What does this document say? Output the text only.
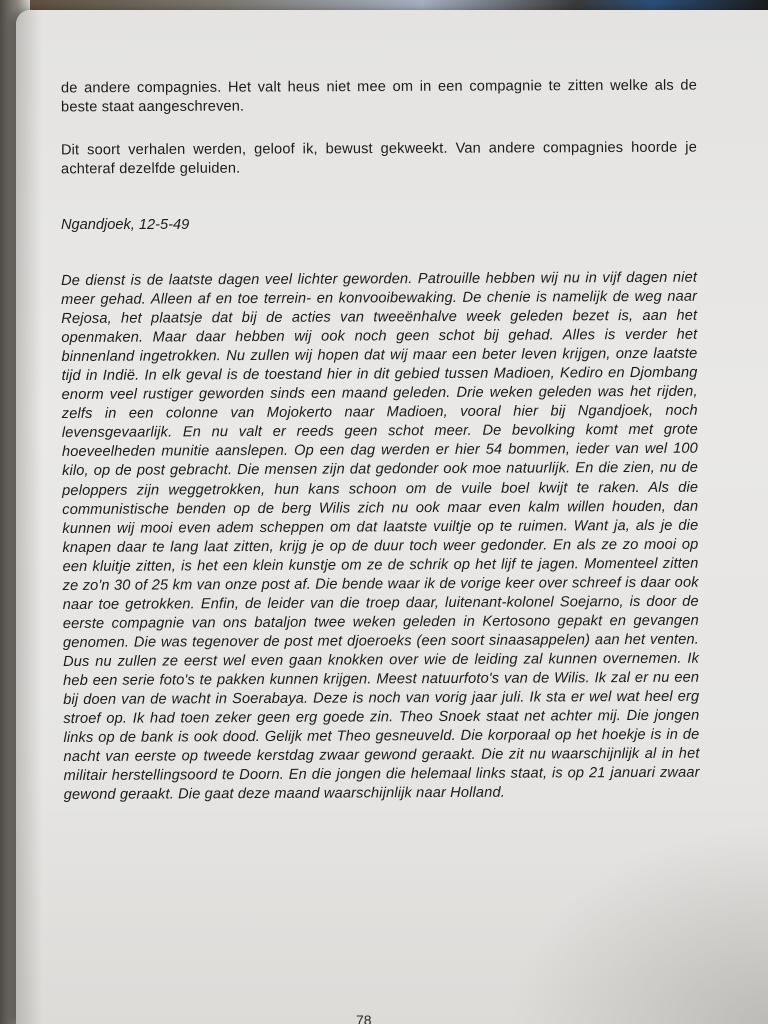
de andere compagnies. Het valt heus niet mee om in een compagnie te zitten welke als de beste staat aangeschreven.

Dit soort verhalen werden, geloof ik, bewust gekweekt. Van andere compagnies hoorde je achteraf dezelfde geluiden.

Ngandjoek, 12-5-49

De dienst is de laatste dagen veel lichter geworden. Patrouille hebben wij nu in vijf dagen niet meer gehad. Alleen af en toe terrein- en konvooibewaking. De chenie is namelijk de weg naar Rejosa, het plaatsje dat bij de acties van tweeënhalve week geleden bezet is, aan het openmaken. Maar daar hebben wij ook noch geen schot bij gehad. Alles is verder het binnenland ingetrokken. Nu zullen wij hopen dat wij maar een beter leven krijgen, onze laatste tijd in Indië. In elk geval is de toestand hier in dit gebied tussen Madioen, Kediro en Djombang enorm veel rustiger geworden sinds een maand geleden. Drie weken geleden was het rijden, zelfs in een colonne van Mojokerto naar Madioen, vooral hier bij Ngandjoek, noch levensgevaarlijk. En nu valt er reeds geen schot meer. De bevolking komt met grote hoeveelheden munitie aanslepen. Op een dag werden er hier 54 bommen, ieder van wel 100 kilo, op de post gebracht. Die mensen zijn dat gedonder ook moe natuurlijk. En die zien, nu de peloppers zijn weggetrokken, hun kans schoon om de vuile boel kwijt te raken. Als die communistische benden op de berg Wilis zich nu ook maar even kalm willen houden, dan kunnen wij mooi even adem scheppen om dat laatste vuiltje op te ruimen. Want ja, als je die knapen daar te lang laat zitten, krijg je op de duur toch weer gedonder. En als ze zo mooi op een kluitje zitten, is het een klein kunstje om ze de schrik op het lijf te jagen. Momenteel zitten ze zo'n 30 of 25 km van onze post af. Die bende waar ik de vorige keer over schreef is daar ook naar toe getrokken. Enfin, de leider van die troep daar, luitenant-kolonel Soejarno, is door de eerste compagnie van ons bataljon twee weken geleden in Kertosono gepakt en gevangen genomen. Die was tegenover de post met djoeroeks (een soort sinaasappelen) aan het venten. Dus nu zullen ze eerst wel even gaan knokken over wie de leiding zal kunnen overnemen. Ik heb een serie foto's te pakken kunnen krijgen. Meest natuurfoto's van de Wilis. Ik zal er nu een bij doen van de wacht in Soerabaya. Deze is noch van vorig jaar juli. Ik sta er wel wat heel erg stroef op. Ik had toen zeker geen erg goede zin. Theo Snoek staat net achter mij. Die jongen links op de bank is ook dood. Gelijk met Theo gesneuveld. Die korporaal op het hoekje is in de nacht van eerste op tweede kerstdag zwaar gewond geraakt. Die zit nu waarschijnlijk al in het militair herstellingsoord te Doorn. En die jongen die helemaal links staat, is op 21 januari zwaar gewond geraakt. Die gaat deze maand waarschijnlijk naar Holland.

78
